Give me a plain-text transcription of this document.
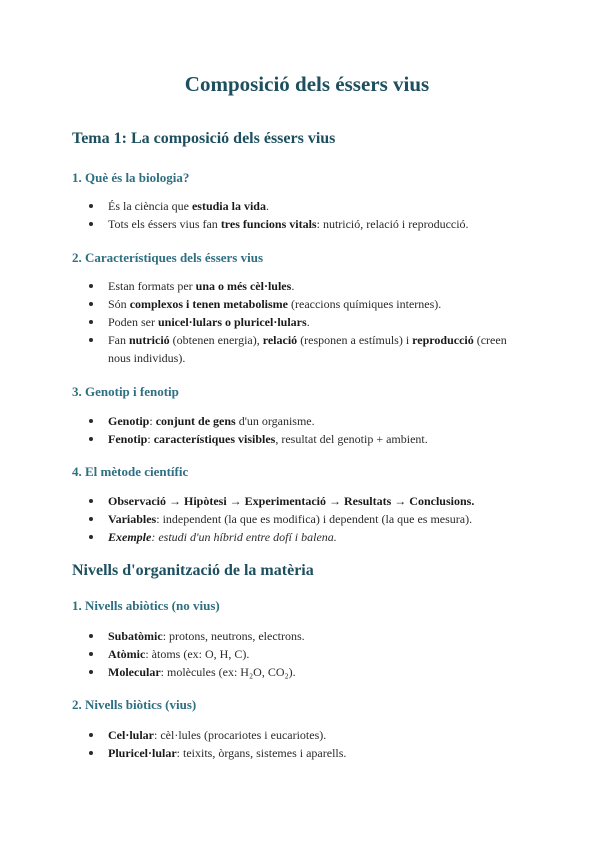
Composició dels éssers vius
Tema 1: La composició dels éssers vius
1. Què és la biologia?
És la ciència que estudia la vida.
Tots els éssers vius fan tres funcions vitals: nutrició, relació i reproducció.
2. Característiques dels éssers vius
Estan formats per una o més cèl·lules.
Són complexos i tenen metabolisme (reaccions químiques internes).
Poden ser unicel·lulars o pluricel·lulars.
Fan nutrició (obtenen energia), relació (responen a estímuls) i reproducció (creen nous individus).
3. Genotip i fenotip
Genotip: conjunt de gens d'un organisme.
Fenotip: característiques visibles, resultat del genotip + ambient.
4. El mètode científic
Observació → Hipòtesi → Experimentació → Resultats → Conclusions.
Variables: independent (la que es modifica) i dependent (la que es mesura).
Exemple: estudi d'un híbrid entre dofí i balena.
Nivells d'organització de la matèria
1. Nivells abiòtics (no vius)
Subatòmic: protons, neutrons, electrons.
Atòmic: àtoms (ex: O, H, C).
Molecular: molècules (ex: H₂O, CO₂).
2. Nivells biòtics (vius)
Cel·lular: cèl·lules (procariotes i eucariotes).
Pluricel·lular: teixits, òrgans, sistemes i aparells.
